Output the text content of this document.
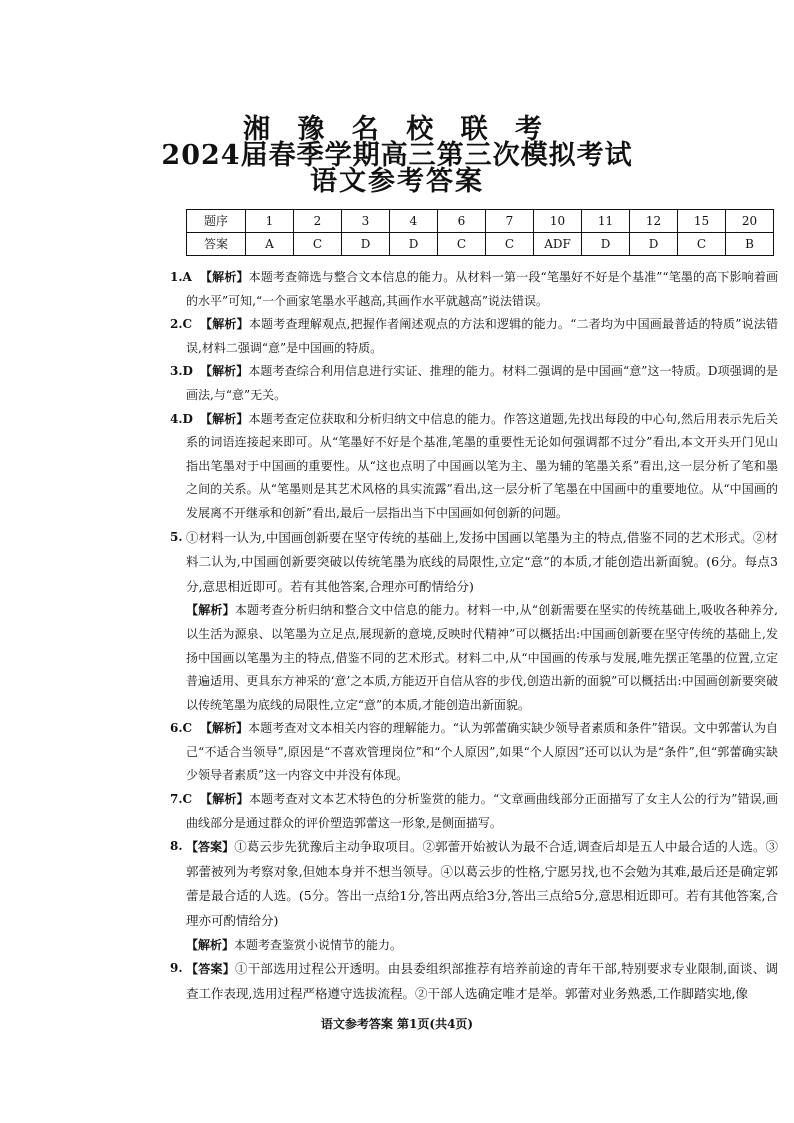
湘 豫 名 校 联 考
2024届春季学期高三第三次模拟考试
语文参考答案
题序	1	2	3	4	6	7	10	11	12	15	20
答案	A	C	D	D	C	C	ADF	D	D	C	B
1.A 【解析】本题考查筛选与整合文本信息的能力。从材料一第一段“笔墨好不好是个基准”“笔墨的高下影响着画的水平”可知,“一个画家笔墨水平越高,其画作水平就越高”说法错误。
2.C 【解析】本题考查理解观点,把握作者阐述观点的方法和逻辑的能力。“二者均为中国画最普适的特质”说法错误,材料二强调“意”是中国画的特质。
3.D 【解析】本题考查综合利用信息进行实证、推理的能力。材料二强调的是中国画“意”这一特质。D项强调的是画法,与“意”无关。
4.D 【解析】本题考查定位获取和分析归纳文中信息的能力。作答这道题,先找出每段的中心句,然后用表示先后关系的词语连接起来即可。从“笔墨好不好是个基准,笔墨的重要性无论如何强调都不过分”看出,本文开头开门见山指出笔墨对于中国画的重要性。从“这也点明了中国画以笔为主、墨为辅的笔墨关系”看出,这一层分析了笔和墨之间的关系。从“笔墨则是其艺术风格的具实流露”看出,这一层分析了笔墨在中国画中的重要地位。从“中国画的发展离不开继承和创新”看出,最后一层指出当下中国画如何创新的问题。
5. ①材料一认为,中国画创新要在坚守传统的基础上,发扬中国画以笔墨为主的特点,借鉴不同的艺术形式。②材料二认为,中国画创新要突破以传统笔墨为底线的局限性,立定“意”的本质,才能创造出新面貌。(6分。每点3分,意思相近即可。若有其他答案,合理亦可酌情给分)
【解析】本题考查分析归纳和整合文中信息的能力。材料一中,从“创新需要在坚实的传统基础上,吸收各种养分,以生活为源泉、以笔墨为立足点,展现新的意境,反映时代精神”可以概括出:中国画创新要在坚守传统的基础上,发扬中国画以笔墨为主的特点,借鉴不同的艺术形式。材料二中,从“中国画的传承与发展,唯先摆正笔墨的位置,立定普遍适用、更具东方神采的‘意’之本质,方能迈开自信从容的步伐,创造出新的面貌”可以概括出:中国画创新要突破以传统笔墨为底线的局限性,立定“意”的本质,才能创造出新面貌。
6.C 【解析】本题考查对文本相关内容的理解能力。“认为郭蕾确实缺少领导者素质和条件”错误。文中郭蕾认为自己“不适合当领导”,原因是“不喜欢管理岗位”和“个人原因”,如果“个人原因”还可以认为是“条件”,但“郭蕾确实缺少领导者素质”这一内容文中并没有体现。
7.C 【解析】本题考查对文本艺术特色的分析鉴赏的能力。“文章画曲线部分正面描写了女主人公的行为”错误,画曲线部分是通过群众的评价塑造郭蕾这一形象,是侧面描写。
8. 【答案】①葛云步先犹豫后主动争取项目。②郭蕾开始被认为最不合适,调查后却是五人中最合适的人选。③郭蕾被列为考察对象,但她本身并不想当领导。④以葛云步的性格,宁愿另找,也不会勉为其难,最后还是确定郭蕾是最合适的人选。(5分。答出一点给1分,答出两点给3分,答出三点给5分,意思相近即可。若有其他答案,合理亦可酌情给分)
【解析】本题考查鉴赏小说情节的能力。
9. 【答案】①干部选用过程公开透明。由县委组织部推荐有培养前途的青年干部,特别要求专业限制,面谈、调查工作表现,选用过程严格遵守选拔流程。②干部人选确定唯才是举。郭蕾对业务熟悉,工作脚踏实地,像
语文参考答案 第1页(共4页)
